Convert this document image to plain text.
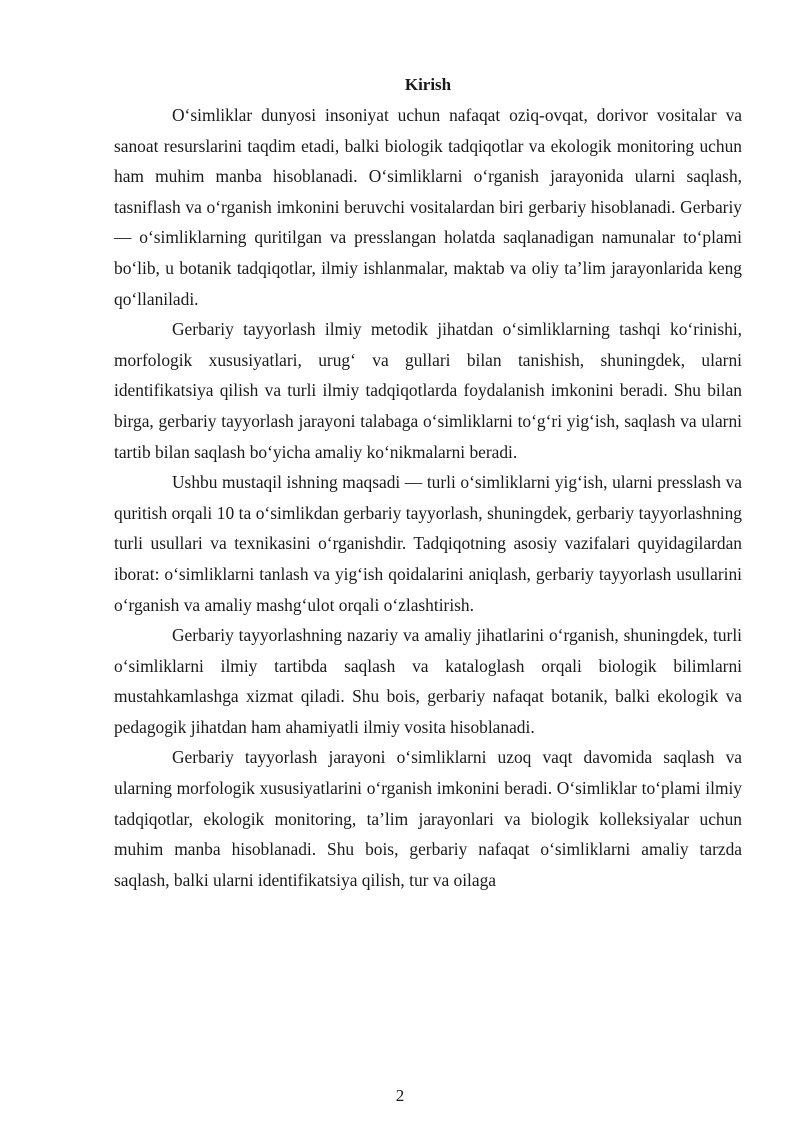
Kirish

O‘simliklar dunyosi insoniyat uchun nafaqat oziq-ovqat, dorivor vositalar va sanoat resurslarini taqdim etadi, balki biologik tadqiqotlar va ekologik monitoring uchun ham muhim manba hisoblanadi. O‘simliklarni o‘rganish jarayonida ularni saqlash, tasniflash va o‘rganish imkonini beruvchi vositalardan biri gerbariy hisoblanadi. Gerbariy — o‘simliklarning quritilgan va presslangan holatda saqlanadigan namunalar to‘plami bo‘lib, u botanik tadqiqotlar, ilmiy ishlanmalar, maktab va oliy ta’lim jarayonlarida keng qo‘llaniladi.

Gerbariy tayyorlash ilmiy metodik jihatdan o‘simliklarning tashqi ko‘rinishi, morfologik xususiyatlari, urug‘ va gullari bilan tanishish, shuningdek, ularni identifikatsiya qilish va turli ilmiy tadqiqotlarda foydalanish imkonini beradi. Shu bilan birga, gerbariy tayyorlash jarayoni talabaga o‘simliklarni to‘g‘ri yig‘ish, saqlash va ularni tartib bilan saqlash bo‘yicha amaliy ko‘nikmalarni beradi.

Ushbu mustaqil ishning maqsadi — turli o‘simliklarni yig‘ish, ularni presslash va quritish orqali 10 ta o‘simlikdan gerbariy tayyorlash, shuningdek, gerbariy tayyorlashning turli usullari va texnikasini o‘rganishdir. Tadqiqotning asosiy vazifalari quyidagilardan iborat: o‘simliklarni tanlash va yig‘ish qoidalarini aniqlash, gerbariy tayyorlash usullarini o‘rganish va amaliy mashg‘ulot orqali o‘zlashtirish.

Gerbariy tayyorlashning nazariy va amaliy jihatlarini o‘rganish, shuningdek, turli o‘simliklarni ilmiy tartibda saqlash va kataloglash orqali biologik bilimlarni mustahkamlashga xizmat qiladi. Shu bois, gerbariy nafaqat botanik, balki ekologik va pedagogik jihatdan ham ahamiyatli ilmiy vosita hisoblanadi.

Gerbariy tayyorlash jarayoni o‘simliklarni uzoq vaqt davomida saqlash va ularning morfologik xususiyatlarini o‘rganish imkonini beradi. O‘simliklar to‘plami ilmiy tadqiqotlar, ekologik monitoring, ta’lim jarayonlari va biologik kolleksiyalar uchun muhim manba hisoblanadi. Shu bois, gerbariy nafaqat o‘simliklarni amaliy tarzda saqlash, balki ularni identifikatsiya qilish, tur va oilaga

2
